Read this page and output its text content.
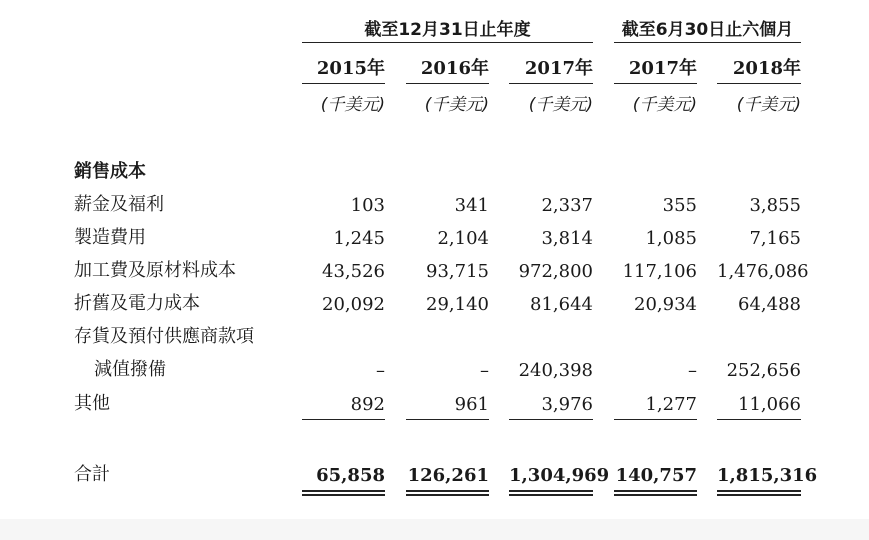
截至12月31日止年度	截至6月30日止六個月
2015年	2016年	2017年	2017年	2018年
(千美元)	(千美元)	(千美元)	(千美元)	(千美元)
銷售成本
薪金及福利	103	341	2,337	355	3,855
製造費用	1,245	2,104	3,814	1,085	7,165
加工費及原材料成本	43,526	93,715	972,800	117,106 1,476,086
折舊及電力成本	20,092	29,140	81,644	20,934	64,488
存貨及預付供應商款項
減值撥備	–	–	240,398	–	252,656
其他	892	961	3,976	1,277	11,066
合計	65,858 126,261 1,304,969 140,757 1,815,316
